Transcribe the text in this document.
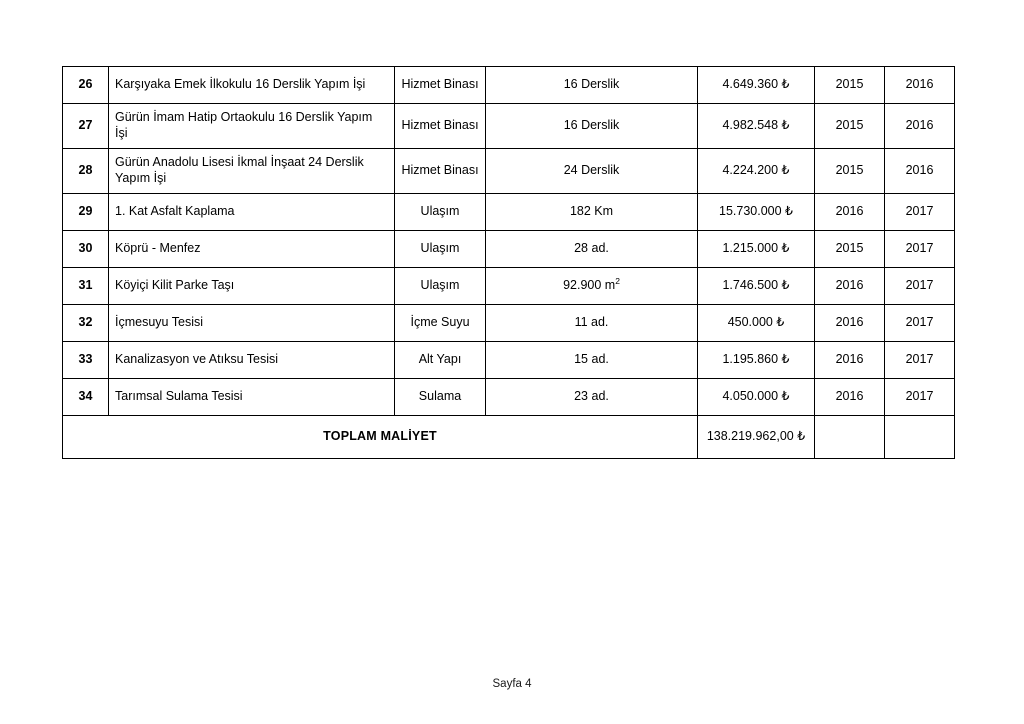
26	Karşıyaka Emek İlkokulu 16 Derslik Yapım İşi	Hizmet Binası	16 Derslik	4.649.360 ₺	2015	2016
27	Gürün İmam Hatip Ortaokulu 16 Derslik Yapım İşi	Hizmet Binası	16 Derslik	4.982.548 ₺	2015	2016
28	Gürün Anadolu Lisesi İkmal İnşaat 24 Derslik Yapım İşi	Hizmet Binası	24 Derslik	4.224.200 ₺	2015	2016
29	1. Kat Asfalt Kaplama	Ulaşım	182 Km	15.730.000 ₺	2016	2017
30	Köprü - Menfez	Ulaşım	28 ad.	1.215.000 ₺	2015	2017
31	Köyiçi Kilit Parke Taşı	Ulaşım	92.900 $m^2$	1.746.500 ₺	2016	2017
32	İçmesuyu Tesisi	İçme Suyu	11 ad.	450.000 ₺	2016	2017
33	Kanalizasyon ve Atıksu Tesisi	Alt Yapı	15 ad.	1.195.860 ₺	2016	2017
34	Tarımsal Sulama Tesisi	Sulama	23 ad.	4.050.000 ₺	2016	2017
TOPLAM MALİYET				138.219.962,00 ₺		
Sayfa 4
